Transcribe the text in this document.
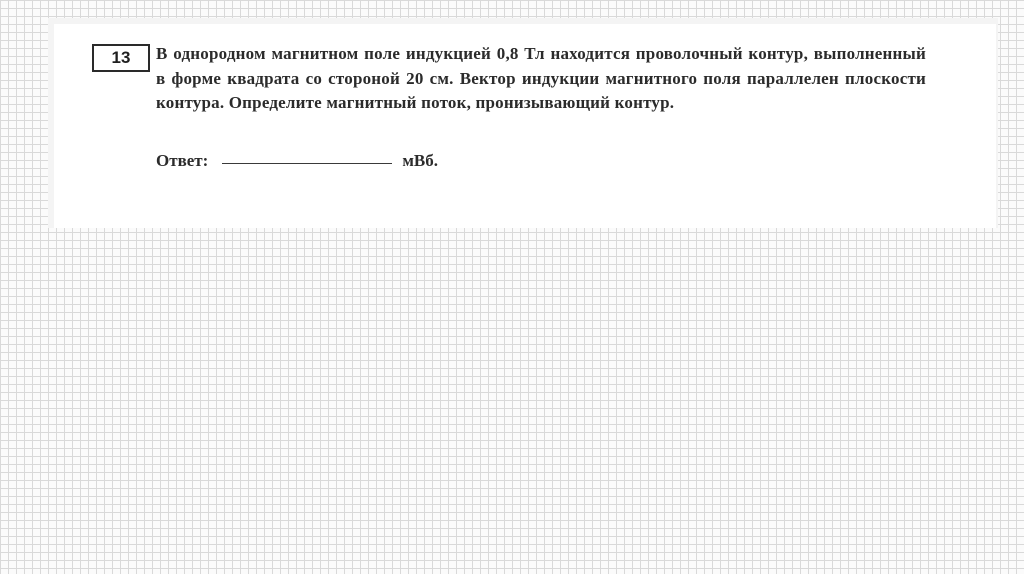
13	В однородном магнитном поле индукцией 0,8 Тл находится проволочный контур, выполненный в форме квадрата со стороной 20 см. Вектор индукции магнитного поля параллелен плоскости контура. Определите магнитный поток, пронизывающий контур.

Ответ:	мВб.
